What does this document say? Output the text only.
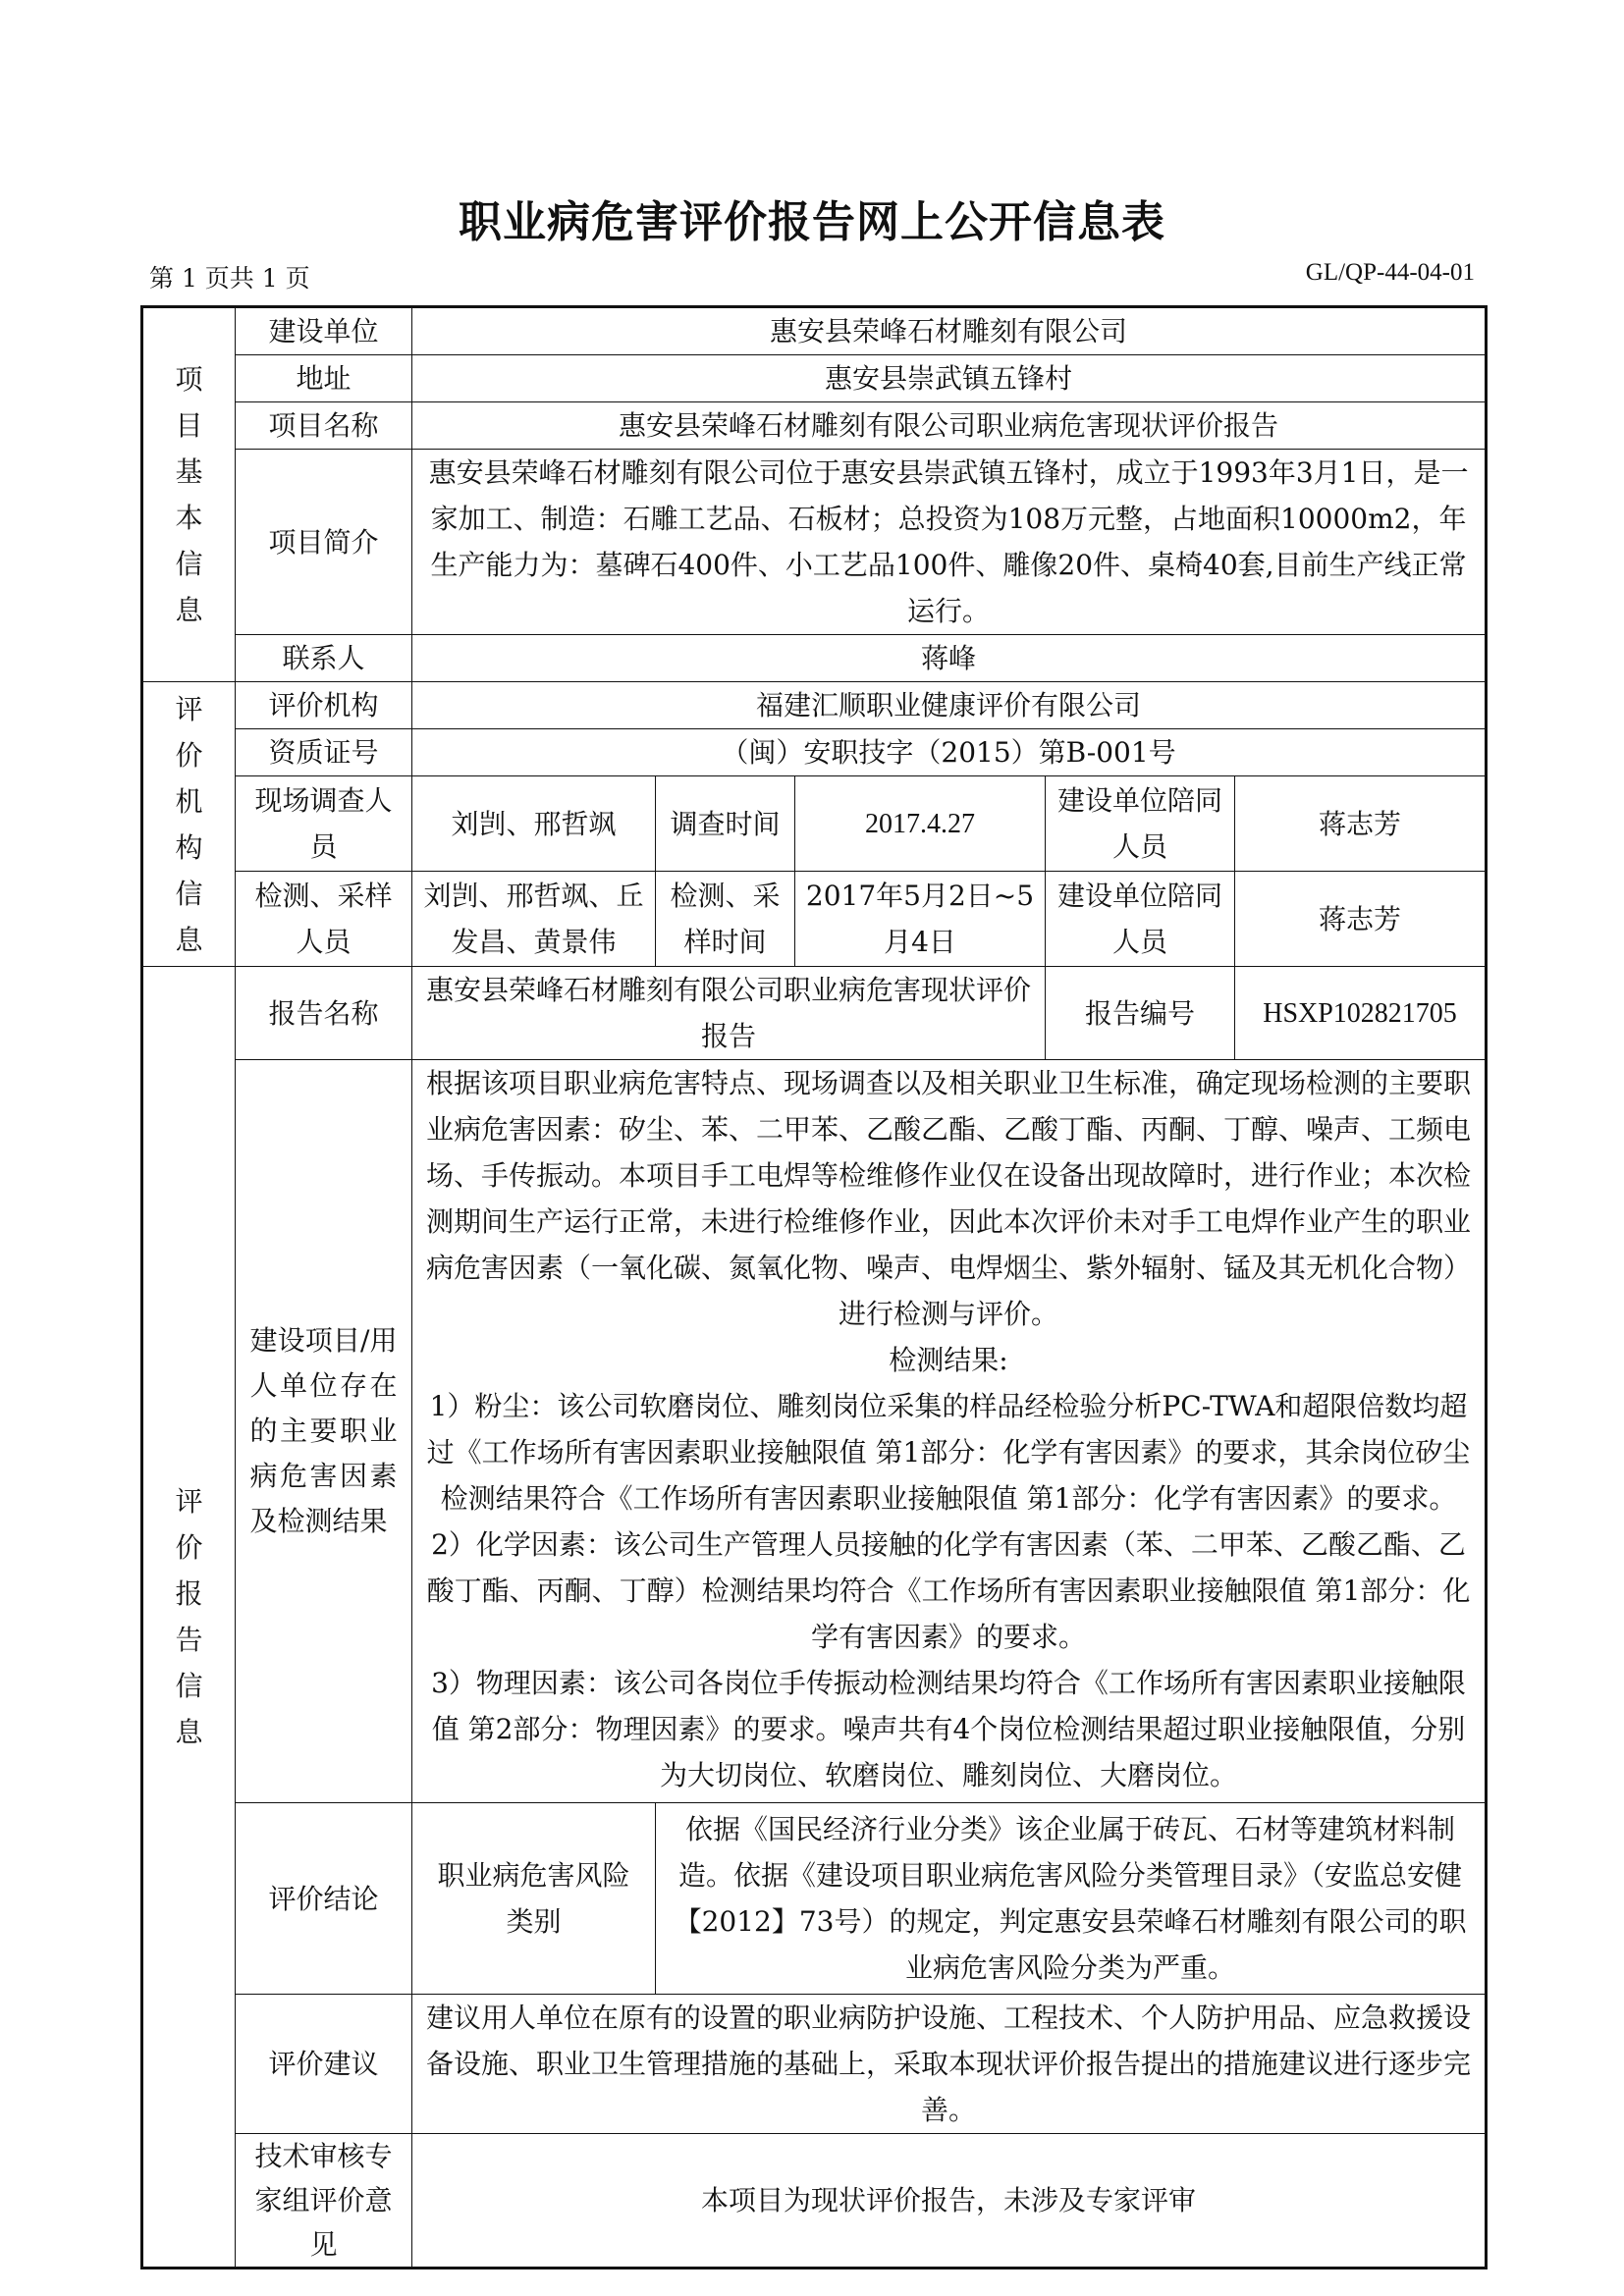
职业病危害评价报告网上公开信息表
第 1 页共 1 页	GL/QP-44-04-01
项目基本信息	建设单位	惠安县荣峰石材雕刻有限公司				
	地址	惠安县崇武镇五锋村				
	项目名称	惠安县荣峰石材雕刻有限公司职业病危害现状评价报告				
	项目简介	惠安县荣峰石材雕刻有限公司位于惠安县崇武镇五锋村，成立于1993年3月1日，是一家加工、制造：石雕工艺品、石板材；总投资为108万元整，占地面积10000m2，年生产能力为：墓碑石400件、小工艺品100件、雕像20件、桌椅40套,目前生产线正常运行。				
	联系人	蒋峰				

评价机构信息	评价机构	福建汇顺职业健康评价有限公司				
	资质证号	（闽）安职技字（2015）第B-001号				
	现场调查人员	刘剀、邢哲飒	调查时间	2017.4.27	建设单位陪同人员	蒋志芳
	检测、采样人员	刘剀、邢哲飒、丘发昌、黄景伟	检测、采样时间	2017年5月2日~5月4日	建设单位陪同人员	蒋志芳

评价报告信息	报告名称	惠安县荣峰石材雕刻有限公司职业病危害现状评价报告			报告编号	HSXP102821705

	建设项目/用人单位存在的主要职业病危害因素及检测结果	根据该项目职业病危害特点、现场调查以及相关职业卫生标准，确定现场检测的主要职业病危害因素：矽尘、苯、二甲苯、乙酸乙酯、乙酸丁酯、丙酮、丁醇、噪声、工频电场、手传振动。本项目手工电焊等检维修作业仅在设备出现故障时，进行作业；本次检测期间生产运行正常，未进行检维修作业，因此本次评价未对手工电焊作业产生的职业病危害因素（一氧化碳、氮氧化物、噪声、电焊烟尘、紫外辐射、锰及其无机化合物）进行检测与评价。

检测结果:

1）粉尘：该公司软磨岗位、雕刻岗位采集的样品经检验分析PC-TWA和超限倍数均超过《工作场所有害因素职业接触限值 第1部分：化学有害因素》的要求，其余岗位矽尘检测结果符合《工作场所有害因素职业接触限值 第1部分：化学有害因素》的要求。

2）化学因素：该公司生产管理人员接触的化学有害因素（苯、二甲苯、乙酸乙酯、乙酸丁酯、丙酮、丁醇）检测结果均符合《工作场所有害因素职业接触限值 第1部分：化学有害因素》的要求。

3）物理因素：该公司各岗位手传振动检测结果均符合《工作场所有害因素职业接触限值 第2部分：物理因素》的要求。噪声共有4个岗位检测结果超过职业接触限值，分别为大切岗位、软磨岗位、雕刻岗位、大磨岗位。				

	评价结论	职业病危害风险类别	依据《国民经济行业分类》该企业属于砖瓦、石材等建筑材料制造。依据《建设项目职业病危害风险分类管理目录》（安监总安健【2012】73号）的规定，判定惠安县荣峰石材雕刻有限公司的职业病危害风险分类为严重。			
	评价建议	建议用人单位在原有的设置的职业病防护设施、工程技术、个人防护用品、应急救援设备设施、职业卫生管理措施的基础上，采取本现状评价报告提出的措施建议进行逐步完善。				

	技术审核专家组评价意见	本项目为现状评价报告，未涉及专家评审				
